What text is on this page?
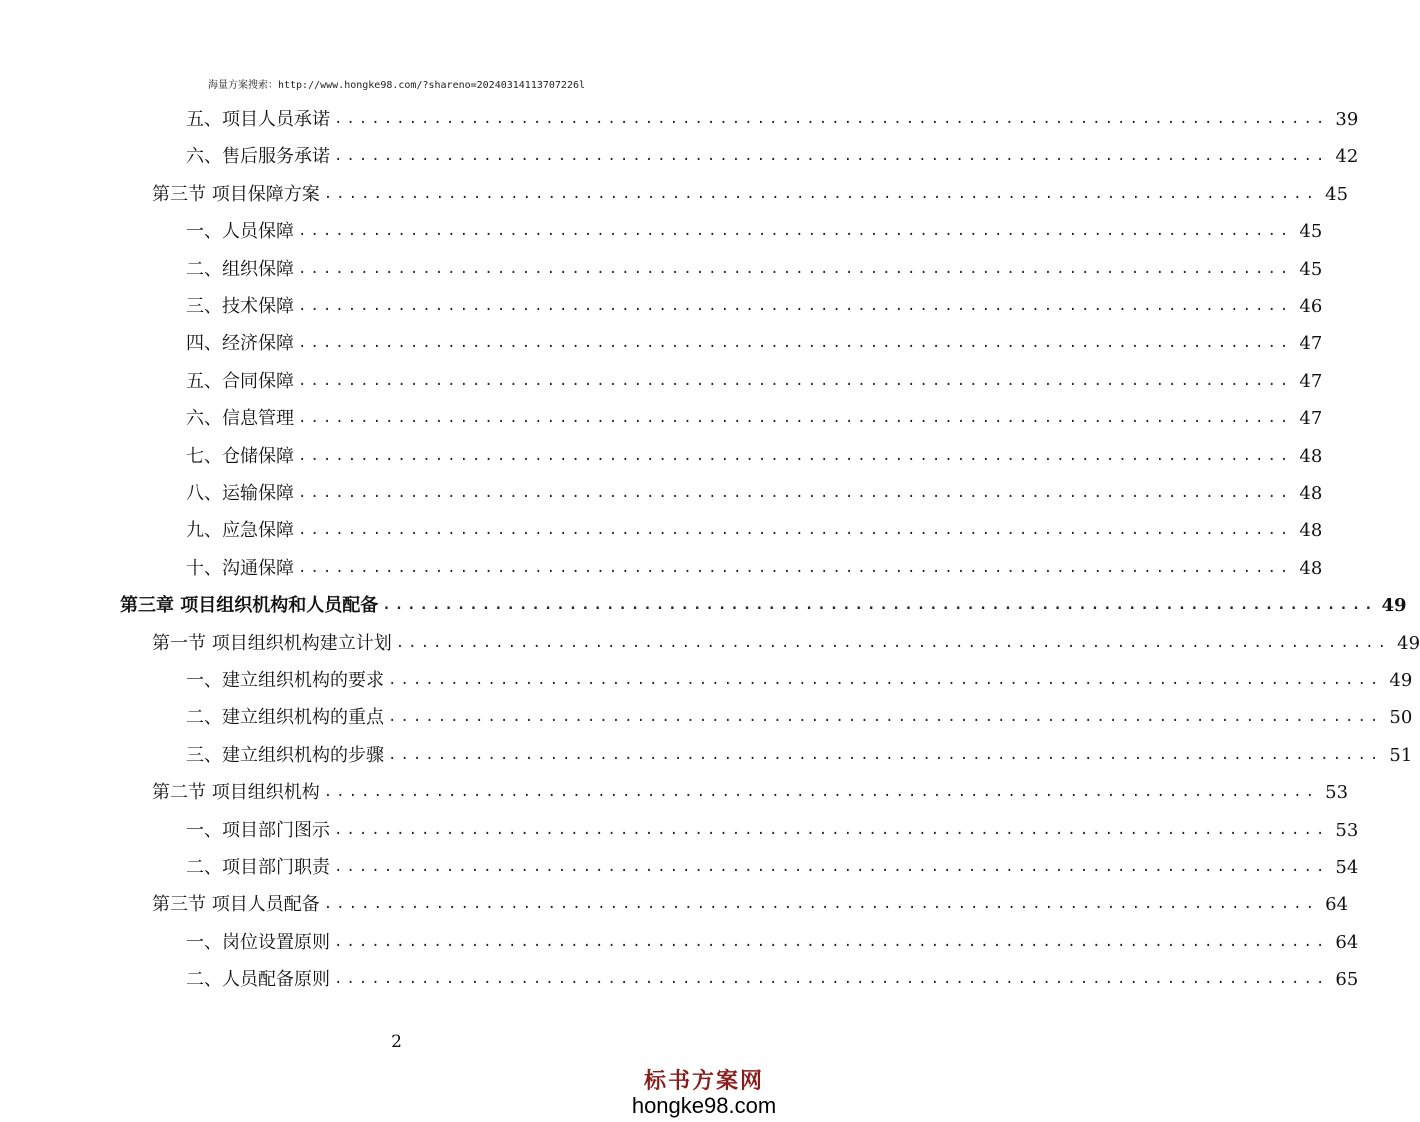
海量方案搜索：http://www.hongke98.com/?shareno=20240314113707226l
五、项目人员承诺 ................................................................................ 39
六、售后服务承诺 ................................................................................ 42
第三节 项目保障方案 ................................................................................ 45
一、人员保障 ................................................................................ 45
二、组织保障 ................................................................................ 45
三、技术保障 ................................................................................ 46
四、经济保障 ................................................................................ 47
五、合同保障 ................................................................................ 47
六、信息管理 ................................................................................ 47
七、仓储保障 ................................................................................ 48
八、运输保障 ................................................................................ 48
九、应急保障 ................................................................................ 48
十、沟通保障 ................................................................................ 48
第三章 项目组织机构和人员配备 ................................................................................ 49
第一节 项目组织机构建立计划 ................................................................................ 49
一、建立组织机构的要求 ................................................................................ 49
二、建立组织机构的重点 ................................................................................ 50
三、建立组织机构的步骤 ................................................................................ 51
第二节 项目组织机构 ................................................................................ 53
一、项目部门图示 ................................................................................ 53
二、项目部门职责 ................................................................................ 54
第三节 项目人员配备 ................................................................................ 64
一、岗位设置原则 ................................................................................ 64
二、人员配备原则 ................................................................................ 65
2
标书方案网
hongke98.com
